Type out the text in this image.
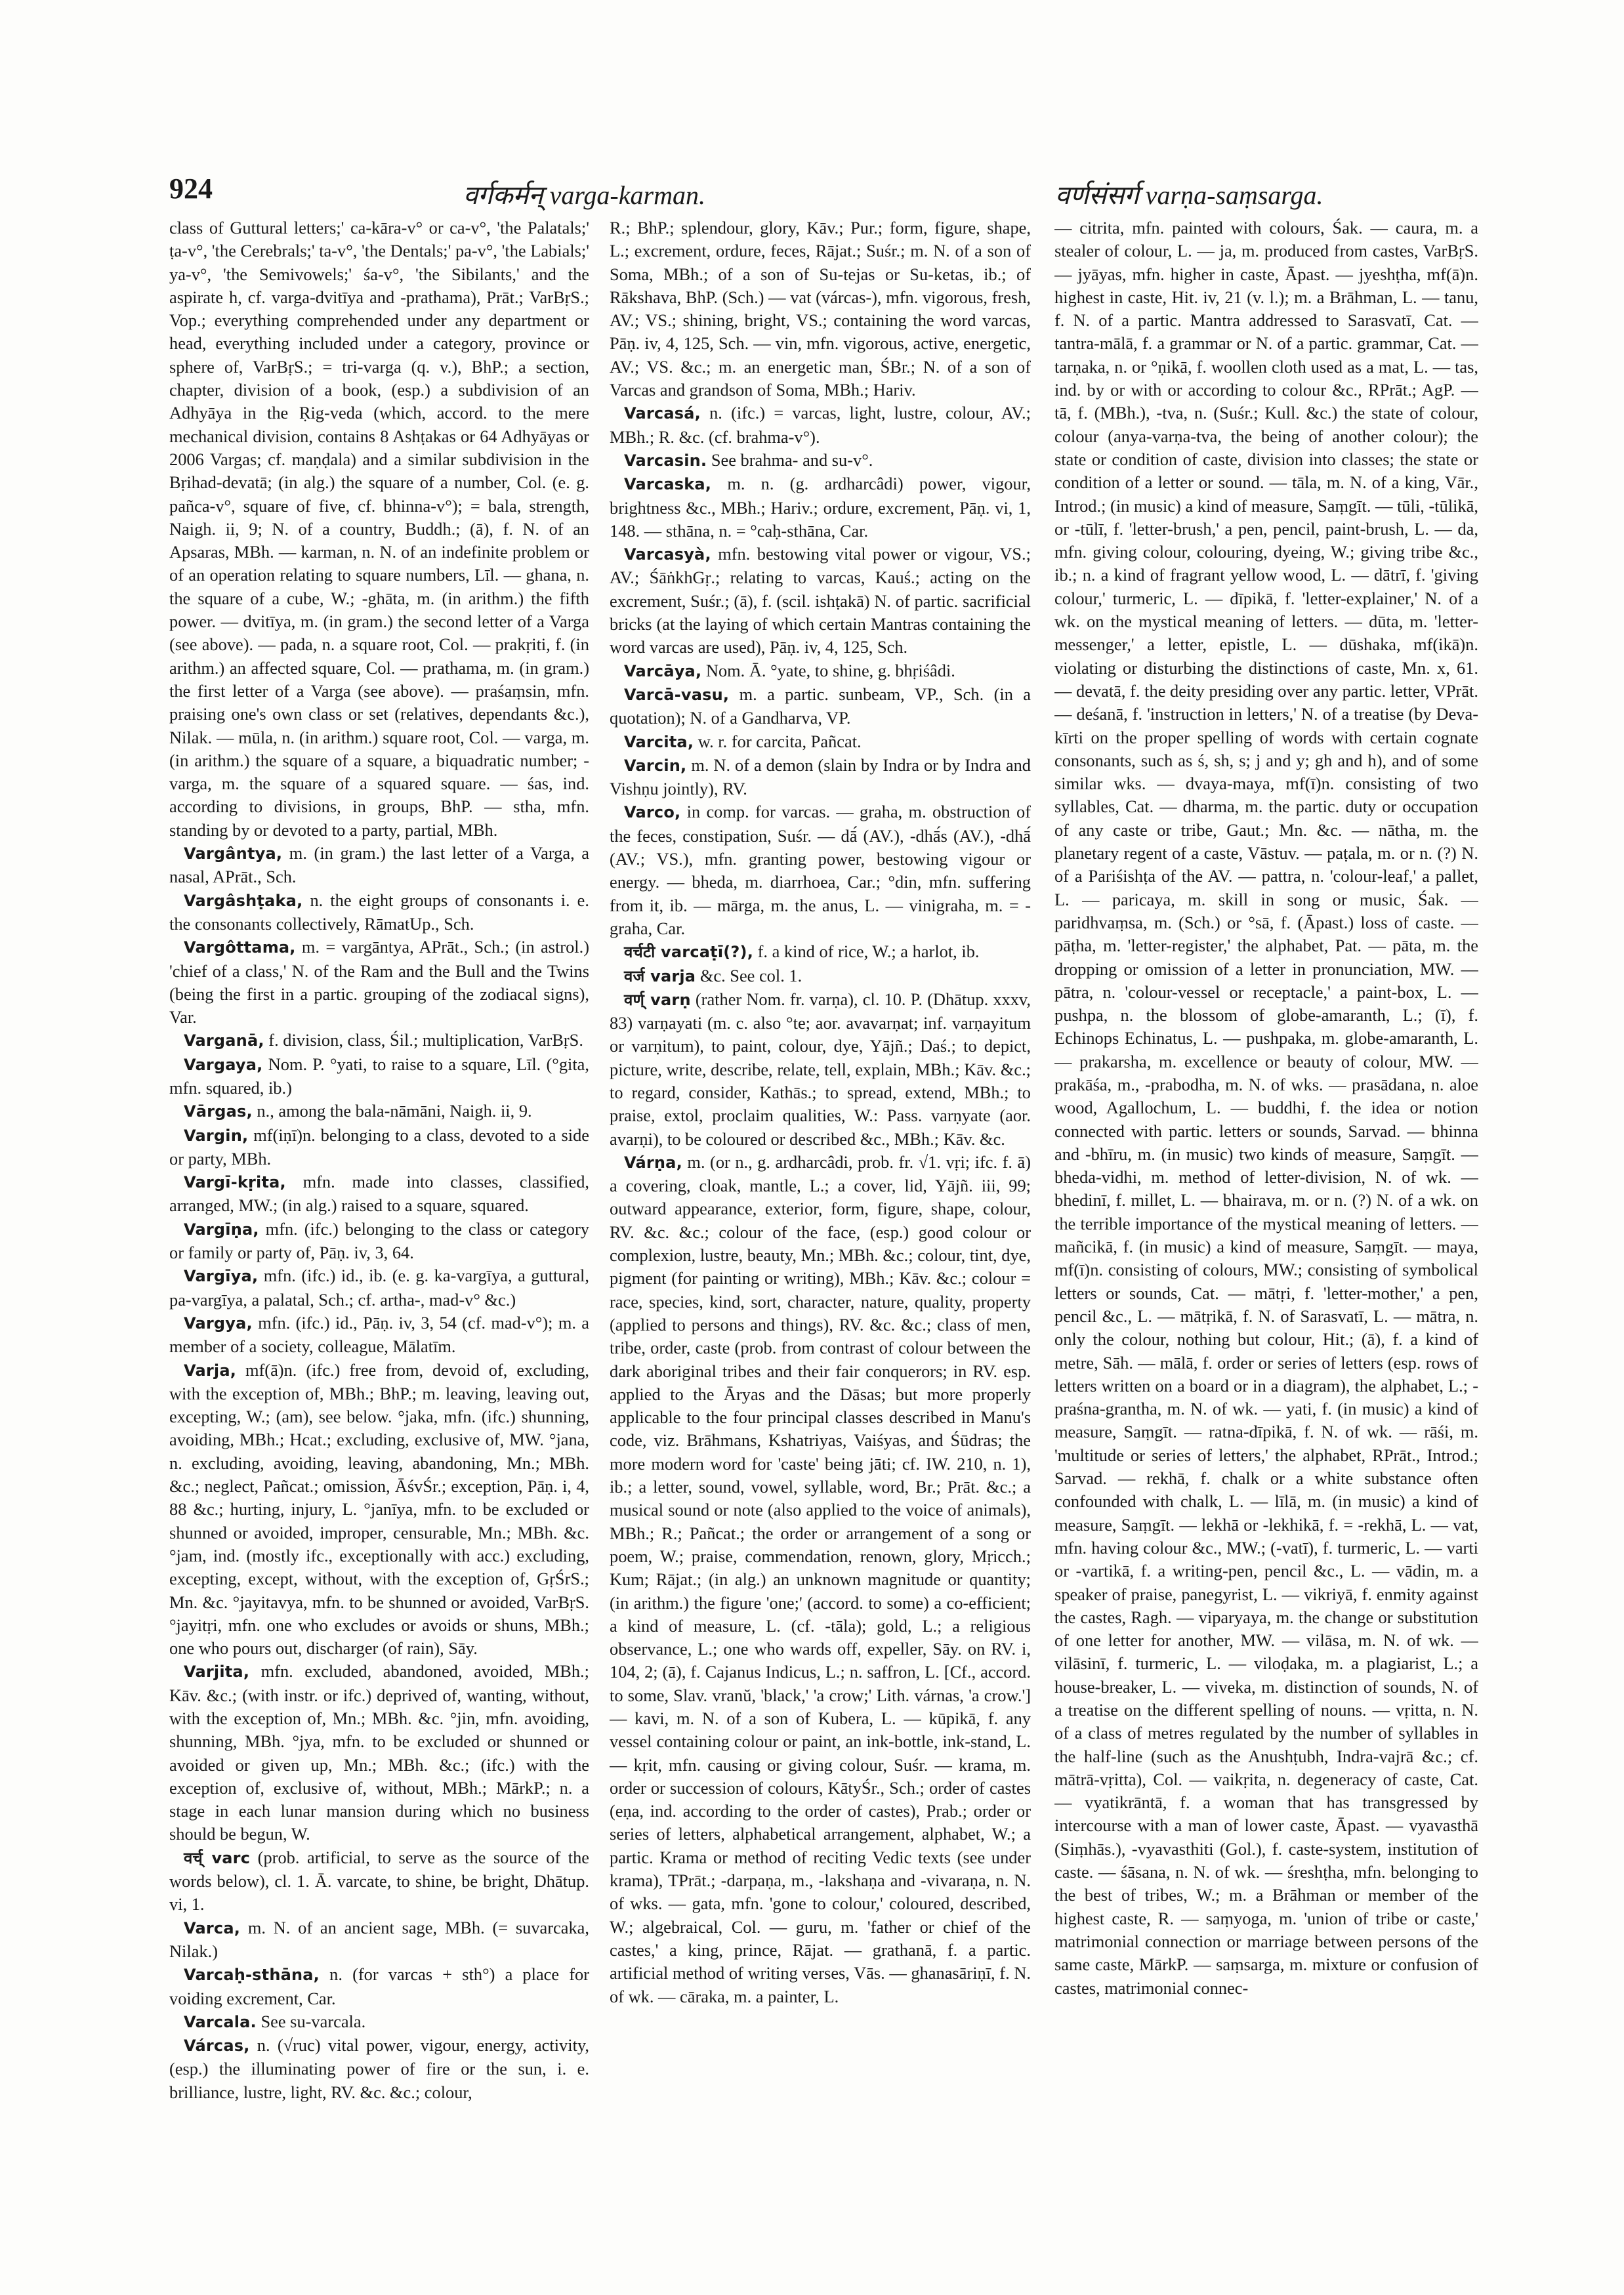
924	वर्गकर्मन् varga-karman.	वर्णसंसर्ग varṇa-saṃsarga.

class of Guttural letters;' ca-kāra-v° or ca-v°, 'the Palatals;' ṭa-v°, 'the Cerebrals;' ta-v°, 'the Dentals;' pa-v°, 'the Labials;' ya-v°, 'the Semivowels;' śa-v°, 'the Sibilants,' and the aspirate h, cf. varga-dvitīya and -prathama), Prāt.; VarBṛS.; Vop.; everything comprehended under any department or head, everything included under a category, province or sphere of, VarBṛS.; = tri-varga (q. v.), BhP.; a section, chapter, division of a book, (esp.) a subdivision of an Adhyāya in the Ṛig-veda (which, accord. to the mere mechanical division, contains 8 Ashṭakas or 64 Adhyāyas or 2006 Vargas; cf. maṇḍala) and a similar subdivision in the Bṛihad-devatā; (in alg.) the square of a number, Col. (e. g. pañca-v°, square of five, cf. bhinna-v°); = bala, strength, Naigh. ii, 9; N. of a country, Buddh.; (ā), f. N. of an Apsaras, MBh. — karman, n. N. of an indefinite problem or of an operation relating to square numbers, Līl. — ghana, n. the square of a cube, W.; -ghāta, m. (in arithm.) the fifth power. — dvitīya, m. (in gram.) the second letter of a Varga (see above). — pada, n. a square root, Col. — prakṛiti, f. (in arithm.) an affected square, Col. — prathama, m. (in gram.) the first letter of a Varga (see above). — praśaṃsin, mfn. praising one's own class or set (relatives, dependants &c.), Nilak. — mūla, n. (in arithm.) square root, Col. — varga, m. (in arithm.) the square of a square, a biquadratic number; -varga, m. the square of a squared square. — śas, ind. according to divisions, in groups, BhP. — stha, mfn. standing by or devoted to a party, partial, MBh.

Vargântya, m. (in gram.) the last letter of a Varga, a nasal, APrāt., Sch.

Vargâshṭaka, n. the eight groups of consonants i. e. the consonants collectively, RāmatUp., Sch.

Vargôttama, m. = vargāntya, APrāt., Sch.; (in astrol.) 'chief of a class,' N. of the Ram and the Bull and the Twins (being the first in a partic. grouping of the zodiacal signs), Var.

Varganā, f. division, class, Śil.; multiplication, VarBṛS.

Vargaya, Nom. P. °yati, to raise to a square, Līl. (°gita, mfn. squared, ib.)

Vārgas, n., among the bala-nāmāni, Naigh. ii, 9.

Vargin, mf(iṇī)n. belonging to a class, devoted to a side or party, MBh.

Vargī-kṛita, mfn. made into classes, classified, arranged, MW.; (in alg.) raised to a square, squared.

Vargīṇa, mfn. (ifc.) belonging to the class or category or family or party of, Pāṇ. iv, 3, 64.

Vargīya, mfn. (ifc.) id., ib. (e. g. ka-vargīya, a guttural, pa-vargīya, a palatal, Sch.; cf. artha-, mad-v° &c.)

Vargya, mfn. (ifc.) id., Pāṇ. iv, 3, 54 (cf. mad-v°); m. a member of a society, colleague, Mālatīm.

Varja, mf(ā)n. (ifc.) free from, devoid of, excluding, with the exception of, MBh.; BhP.; m. leaving, leaving out, excepting, W.; (am), see below. °jaka, mfn. (ifc.) shunning, avoiding, MBh.; Hcat.; excluding, exclusive of, MW. °jana, n. excluding, avoiding, leaving, abandoning, Mn.; MBh. &c.; neglect, Pañcat.; omission, ĀśvŚr.; exception, Pāṇ. i, 4, 88 &c.; hurting, injury, L. °janīya, mfn. to be excluded or shunned or avoided, improper, censurable, Mn.; MBh. &c. °jam, ind. (mostly ifc., exceptionally with acc.) excluding, excepting, except, without, with the exception of, GṛŚrS.; Mn. &c. °jayitavya, mfn. to be shunned or avoided, VarBṛS. °jayitṛi, mfn. one who excludes or avoids or shuns, MBh.; one who pours out, discharger (of rain), Sāy.

Varjita, mfn. excluded, abandoned, avoided, MBh.; Kāv. &c.; (with instr. or ifc.) deprived of, wanting, without, with the exception of, Mn.; MBh. &c. °jin, mfn. avoiding, shunning, MBh. °jya, mfn. to be excluded or shunned or avoided or given up, Mn.; MBh. &c.; (ifc.) with the exception of, exclusive of, without, MBh.; MārkP.; n. a stage in each lunar mansion during which no business should be begun, W.

वर्च् varc (prob. artificial, to serve as the source of the words below), cl. 1. Ā. varcate, to shine, be bright, Dhātup. vi, 1.

Varca, m. N. of an ancient sage, MBh. (= suvarcaka, Nilak.)

Varcaḥ-sthāna, n. (for varcas + sth°) a place for voiding excrement, Car.

Varcala. See su-varcala.

Várcas, n. (√ruc) vital power, vigour, energy, activity, (esp.) the illuminating power of fire or the sun, i. e. brilliance, lustre, light, RV. &c. &c.; colour,

R.; BhP.; splendour, glory, Kāv.; Pur.; form, figure, shape, L.; excrement, ordure, feces, Rājat.; Suśr.; m. N. of a son of Soma, MBh.; of a son of Su-tejas or Su-ketas, ib.; of Rākshava, BhP. (Sch.) — vat (várcas-), mfn. vigorous, fresh, AV.; VS.; shining, bright, VS.; containing the word varcas, Pāṇ. iv, 4, 125, Sch. — vin, mfn. vigorous, active, energetic, AV.; VS. &c.; m. an energetic man, ŚBr.; N. of a son of Varcas and grandson of Soma, MBh.; Hariv.

Varcasá, n. (ifc.) = varcas, light, lustre, colour, AV.; MBh.; R. &c. (cf. brahma-v°).

Varcasin. See brahma- and su-v°.

Varcaska, m. n. (g. ardharcâdi) power, vigour, brightness &c., MBh.; Hariv.; ordure, excrement, Pāṇ. vi, 1, 148. — sthāna, n. = °caḥ-sthāna, Car.

Varcasyà, mfn. bestowing vital power or vigour, VS.; AV.; ŚāṅkhGṛ.; relating to varcas, Kauś.; acting on the excrement, Suśr.; (ā), f. (scil. ishṭakā) N. of partic. sacrificial bricks (at the laying of which certain Mantras containing the word varcas are used), Pāṇ. iv, 4, 125, Sch.

Varcāya, Nom. Ā. °yate, to shine, g. bhṛiśâdi.

Varcā-vasu, m. a partic. sunbeam, VP., Sch. (in a quotation); N. of a Gandharva, VP.

Varcita, w. r. for carcita, Pañcat.

Varcin, m. N. of a demon (slain by Indra or by Indra and Vishṇu jointly), RV.

Varco, in comp. for varcas. — graha, m. obstruction of the feces, constipation, Suśr. — dā́ (AV.), -dhā́s (AV.), -dhā́ (AV.; VS.), mfn. granting power, bestowing vigour or energy. — bheda, m. diarrhoea, Car.; °din, mfn. suffering from it, ib. — mārga, m. the anus, L. — vinigraha, m. = -graha, Car.

वर्चटी varcaṭī(?), f. a kind of rice, W.; a harlot, ib.

वर्ज varja &c. See col. 1.

वर्ण् varṇ (rather Nom. fr. varṇa), cl. 10. P. (Dhātup. xxxv, 83) varṇayati (m. c. also °te; aor. avavarṇat; inf. varṇayitum or varṇitum), to paint, colour, dye, Yājñ.; Daś.; to depict, picture, write, describe, relate, tell, explain, MBh.; Kāv. &c.; to regard, consider, Kathās.; to spread, extend, MBh.; to praise, extol, proclaim qualities, W.: Pass. varṇyate (aor. avarṇi), to be coloured or described &c., MBh.; Kāv. &c.

Várṇa, m. (or n., g. ardharcâdi, prob. fr. √1. vṛi; ifc. f. ā) a covering, cloak, mantle, L.; a cover, lid, Yājñ. iii, 99; outward appearance, exterior, form, figure, shape, colour, RV. &c. &c.; colour of the face, (esp.) good colour or complexion, lustre, beauty, Mn.; MBh. &c.; colour, tint, dye, pigment (for painting or writing), MBh.; Kāv. &c.; colour = race, species, kind, sort, character, nature, quality, property (applied to persons and things), RV. &c. &c.; class of men, tribe, order, caste (prob. from contrast of colour between the dark aboriginal tribes and their fair conquerors; in RV. esp. applied to the Āryas and the Dāsas; but more properly applicable to the four principal classes described in Manu's code, viz. Brāhmans, Kshatriyas, Vaiśyas, and Śūdras; the more modern word for 'caste' being jāti; cf. IW. 210, n. 1), ib.; a letter, sound, vowel, syllable, word, Br.; Prāt. &c.; a musical sound or note (also applied to the voice of animals), MBh.; R.; Pañcat.; the order or arrangement of a song or poem, W.; praise, commendation, renown, glory, Mṛicch.; Kum; Rājat.; (in alg.) an unknown magnitude or quantity; (in arithm.) the figure 'one;' (accord. to some) a co-efficient; a kind of measure, L. (cf. -tāla); gold, L.; a religious observance, L.; one who wards off, expeller, Sāy. on RV. i, 104, 2; (ā), f. Cajanus Indicus, L.; n. saffron, L. [Cf., accord. to some, Slav. vranŭ, 'black,' 'a crow;' Lith. várnas, 'a crow.'] — kavi, m. N. of a son of Kubera, L. — kūpikā, f. any vessel containing colour or paint, an ink-bottle, ink-stand, L. — kṛit, mfn. causing or giving colour, Suśr. — krama, m. order or succession of colours, KātyŚr., Sch.; order of castes (eṇa, ind. according to the order of castes), Prab.; order or series of letters, alphabetical arrangement, alphabet, W.; a partic. Krama or method of reciting Vedic texts (see under krama), TPrāt.; -darpaṇa, m., -lakshaṇa and -vivaraṇa, n. N. of wks. — gata, mfn. 'gone to colour,' coloured, described, W.; algebraical, Col. — guru, m. 'father or chief of the castes,' a king, prince, Rājat. — grathanā, f. a partic. artificial method of writing verses, Vās. — ghanasāriṇī, f. N. of wk. — cāraka, m. a painter, L.

— citrita, mfn. painted with colours, Śak. — caura, m. a stealer of colour, L. — ja, m. produced from castes, VarBṛS. — jyāyas, mfn. higher in caste, Āpast. — jyeshṭha, mf(ā)n. highest in caste, Hit. iv, 21 (v. l.); m. a Brāhman, L. — tanu, f. N. of a partic. Mantra addressed to Sarasvatī, Cat. — tantra-mālā, f. a grammar or N. of a partic. grammar, Cat. — tarṇaka, n. or °ṇikā, f. woollen cloth used as a mat, L. — tas, ind. by or with or according to colour &c., RPrāt.; AgP. — tā, f. (MBh.), -tva, n. (Suśr.; Kull. &c.) the state of colour, colour (anya-varṇa-tva, the being of another colour); the state or condition of caste, division into classes; the state or condition of a letter or sound. — tāla, m. N. of a king, Vār., Introd.; (in music) a kind of measure, Saṃgīt. — tūli, -tūlikā, or -tūlī, f. 'letter-brush,' a pen, pencil, paint-brush, L. — da, mfn. giving colour, colouring, dyeing, W.; giving tribe &c., ib.; n. a kind of fragrant yellow wood, L. — dātrī, f. 'giving colour,' turmeric, L. — dīpikā, f. 'letter-explainer,' N. of a wk. on the mystical meaning of letters. — dūta, m. 'letter-messenger,' a letter, epistle, L. — dūshaka, mf(ikā)n. violating or disturbing the distinctions of caste, Mn. x, 61. — devatā, f. the deity presiding over any partic. letter, VPrāt. — deśanā, f. 'instruction in letters,' N. of a treatise (by Deva-kīrti on the proper spelling of words with certain cognate consonants, such as ś, sh, s; j and y; gh and h), and of some similar wks. — dvaya-maya, mf(ī)n. consisting of two syllables, Cat. — dharma, m. the partic. duty or occupation of any caste or tribe, Gaut.; Mn. &c. — nātha, m. the planetary regent of a caste, Vāstuv. — paṭala, m. or n. (?) N. of a Pariśishṭa of the AV. — pattra, n. 'colour-leaf,' a pallet, L. — paricaya, m. skill in song or music, Śak. — paridhvaṃsa, m. (Sch.) or °sā, f. (Āpast.) loss of caste. — pāṭha, m. 'letter-register,' the alphabet, Pat. — pāta, m. the dropping or omission of a letter in pronunciation, MW. — pātra, n. 'colour-vessel or receptacle,' a paint-box, L. — pushpa, n. the blossom of globe-amaranth, L.; (ī), f. Echinops Echinatus, L. — pushpaka, m. globe-amaranth, L. — prakarsha, m. excellence or beauty of colour, MW. — prakāśa, m., -prabodha, m. N. of wks. — prasādana, n. aloe wood, Agallochum, L. — buddhi, f. the idea or notion connected with partic. letters or sounds, Sarvad. — bhinna and -bhīru, m. (in music) two kinds of measure, Saṃgīt. — bheda-vidhi, m. method of letter-division, N. of wk. — bhedinī, f. millet, L. — bhairava, m. or n. (?) N. of a wk. on the terrible importance of the mystical meaning of letters. — mañcikā, f. (in music) a kind of measure, Saṃgīt. — maya, mf(ī)n. consisting of colours, MW.; consisting of symbolical letters or sounds, Cat. — mātṛi, f. 'letter-mother,' a pen, pencil &c., L. — mātṛikā, f. N. of Sarasvatī, L. — mātra, n. only the colour, nothing but colour, Hit.; (ā), f. a kind of metre, Sāh. — mālā, f. order or series of letters (esp. rows of letters written on a board or in a diagram), the alphabet, L.; -praśna-grantha, m. N. of wk. — yati, f. (in music) a kind of measure, Saṃgīt. — ratna-dīpikā, f. N. of wk. — rāśi, m. 'multitude or series of letters,' the alphabet, RPrāt., Introd.; Sarvad. — rekhā, f. chalk or a white substance often confounded with chalk, L. — līlā, m. (in music) a kind of measure, Saṃgīt. — lekhā or -lekhikā, f. = -rekhā, L. — vat, mfn. having colour &c., MW.; (-vatī), f. turmeric, L. — varti or -vartikā, f. a writing-pen, pencil &c., L. — vādin, m. a speaker of praise, panegyrist, L. — vikriyā, f. enmity against the castes, Ragh. — viparyaya, m. the change or substitution of one letter for another, MW. — vilāsa, m. N. of wk. — vilāsinī, f. turmeric, L. — viloḍaka, m. a plagiarist, L.; a house-breaker, L. — viveka, m. distinction of sounds, N. of a treatise on the different spelling of nouns. — vṛitta, n. N. of a class of metres regulated by the number of syllables in the half-line (such as the Anushṭubh, Indra-vajrā &c.; cf. mātrā-vṛitta), Col. — vaikṛita, n. degeneracy of caste, Cat. — vyatikrāntā, f. a woman that has transgressed by intercourse with a man of lower caste, Āpast. — vyavasthā (Siṃhās.), -vyavasthiti (Gol.), f. caste-system, institution of caste. — śāsana, n. N. of wk. — śreshṭha, mfn. belonging to the best of tribes, W.; m. a Brāhman or member of the highest caste, R. — saṃyoga, m. 'union of tribe or caste,' matrimonial connection or marriage between persons of the same caste, MārkP. — saṃsarga, m. mixture or confusion of castes, matrimonial connec-
